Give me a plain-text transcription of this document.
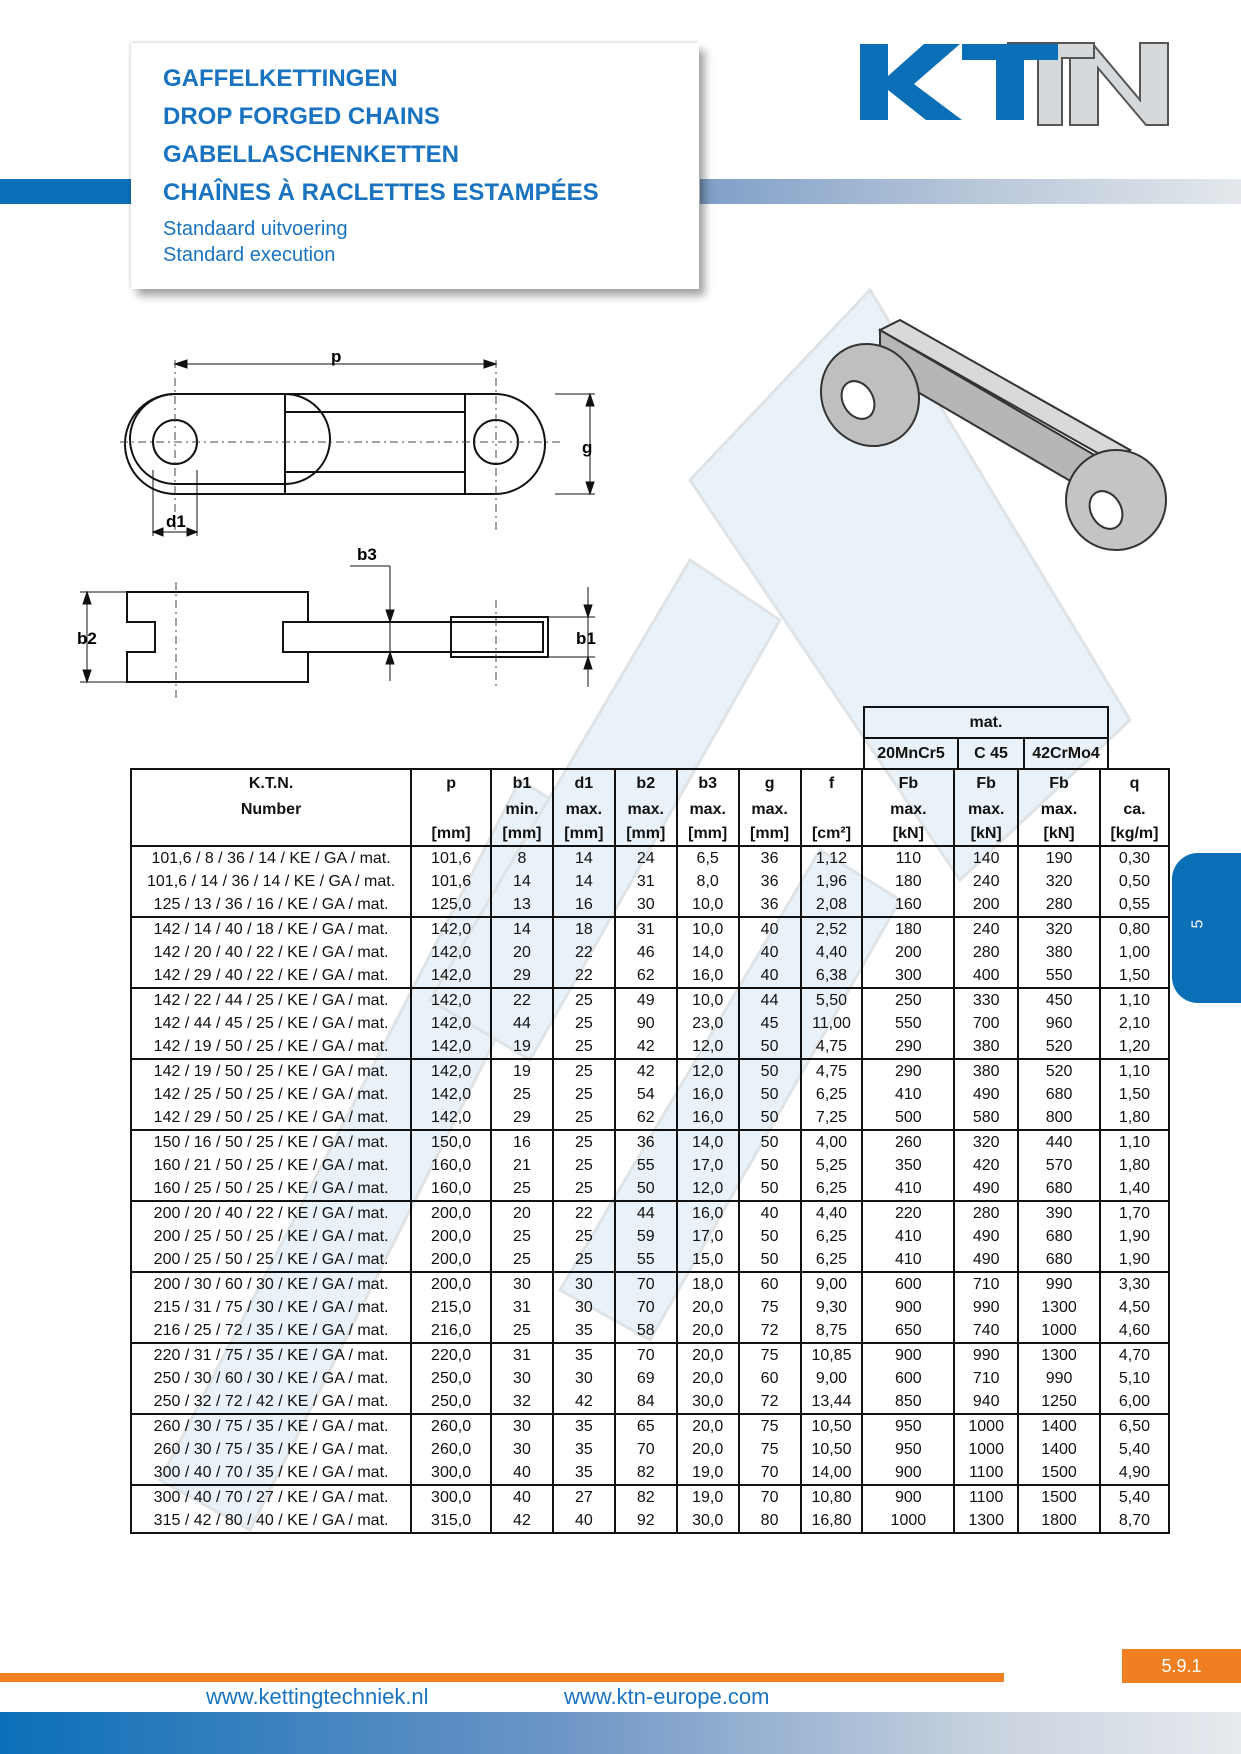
GAFFELKETTINGEN
DROP FORGED CHAINS
GABELLASCHENKETTEN
CHAÎNES À RACLETTES ESTAMPÉES
Standaard uitvoering
Standard execution
5
p
g
d1
b3
b2	b1
mat.
20MnCr5	C 45	42CrMo4
K.T.N.	p	b1	d1	b2	b3	g	f	Fb	Fb	Fb	q
Number		min.	max.	max.	max.	max.		max.	max.	max.	ca.
	[mm]	[mm]	[mm]	[mm]	[mm]	[mm]	[cm²]	[kN]	[kN]	[kN]	[kg/m]
101,6 / 8 / 36 / 14 / KE / GA / mat.	101,6	8	14	24	6,5	36	1,12	110	140	190	0,30
101,6 / 14 / 36 / 14 / KE / GA / mat.	101,6	14	14	31	8,0	36	1,96	180	240	320	0,50
125 / 13 / 36 / 16 / KE / GA / mat.	125,0	13	16	30	10,0	36	2,08	160	200	280	0,55
142 / 14 / 40 / 18 / KE / GA / mat.	142,0	14	18	31	10,0	40	2,52	180	240	320	0,80
142 / 20 / 40 / 22 / KE / GA / mat.	142,0	20	22	46	14,0	40	4,40	200	280	380	1,00
142 / 29 / 40 / 22 / KE / GA / mat.	142,0	29	22	62	16,0	40	6,38	300	400	550	1,50
142 / 22 / 44 / 25 / KE / GA / mat.	142,0	22	25	49	10,0	44	5,50	250	330	450	1,10
142 / 44 / 45 / 25 / KE / GA / mat.	142,0	44	25	90	23,0	45	11,00	550	700	960	2,10
142 / 19 / 50 / 25 / KE / GA / mat.	142,0	19	25	42	12,0	50	4,75	290	380	520	1,20
142 / 19 / 50 / 25 / KE / GA / mat.	142,0	19	25	42	12,0	50	4,75	290	380	520	1,10
142 / 25 / 50 / 25 / KE / GA / mat.	142,0	25	25	54	16,0	50	6,25	410	490	680	1,50
142 / 29 / 50 / 25 / KE / GA / mat.	142,0	29	25	62	16,0	50	7,25	500	580	800	1,80
150 / 16 / 50 / 25 / KE / GA / mat.	150,0	16	25	36	14,0	50	4,00	260	320	440	1,10
160 / 21 / 50 / 25 / KE / GA / mat.	160,0	21	25	55	17,0	50	5,25	350	420	570	1,80
160 / 25 / 50 / 25 / KE / GA / mat.	160,0	25	25	50	12,0	50	6,25	410	490	680	1,40
200 / 20 / 40 / 22 / KE / GA / mat.	200,0	20	22	44	16,0	40	4,40	220	280	390	1,70
200 / 25 / 50 / 25 / KE / GA / mat.	200,0	25	25	59	17,0	50	6,25	410	490	680	1,90
200 / 25 / 50 / 25 / KE / GA / mat.	200,0	25	25	55	15,0	50	6,25	410	490	680	1,90
200 / 30 / 60 / 30 / KE / GA / mat.	200,0	30	30	70	18,0	60	9,00	600	710	990	3,30
215 / 31 / 75 / 30 / KE / GA / mat.	215,0	31	30	70	20,0	75	9,30	900	990	1300	4,50
216 / 25 / 72 / 35 / KE / GA / mat.	216,0	25	35	58	20,0	72	8,75	650	740	1000	4,60
220 / 31 / 75 / 35 / KE / GA / mat.	220,0	31	35	70	20,0	75	10,85	900	990	1300	4,70
250 / 30 / 60 / 30 / KE / GA / mat.	250,0	30	30	69	20,0	60	9,00	600	710	990	5,10
250 / 32 / 72 / 42 / KE / GA / mat.	250,0	32	42	84	30,0	72	13,44	850	940	1250	6,00
260 / 30 / 75 / 35 / KE / GA / mat.	260,0	30	35	65	20,0	75	10,50	950	1000	1400	6,50
260 / 30 / 75 / 35 / KE / GA / mat.	260,0	30	35	70	20,0	75	10,50	950	1000	1400	5,40
300 / 40 / 70 / 35 / KE / GA / mat.	300,0	40	35	82	19,0	70	14,00	900	1100	1500	4,90
300 / 40 / 70 / 27 / KE / GA / mat.	300,0	40	27	82	19,0	70	10,80	900	1100	1500	5,40
315 / 42 / 80 / 40 / KE / GA / mat.	315,0	42	40	92	30,0	80	16,80	1000	1300	1800	8,70
5.9.1
www.kettingtechniek.nl	www.ktn-europe.com
